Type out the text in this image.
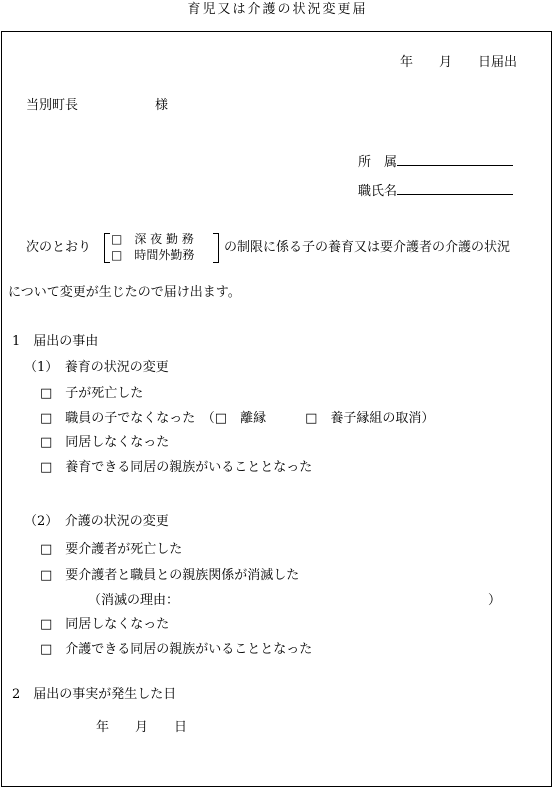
育児又は介護の状況変更届
年　　月　　日届出
当別町長	様
所　属
職氏名
次のとおり
□　深 夜 勤 務
□　時間外勤務 の制限に係る子の養育又は要介護者の介護の状況
について変更が生じたので届け出ます。
1　届出の事由
（1）　養育の状況の変更
□　子が死亡した
□　職員の子でなくなった　（□　離縁　　　□　養子縁組の取消）
□　同居しなくなった
□　養育できる同居の親族がいることとなった
（2）　介護の状況の変更
□　要介護者が死亡した
□　要介護者と職員との親族関係が消滅した
（消滅の理由：	）
□　同居しなくなった
□　介護できる同居の親族がいることとなった
2　届出の事実が発生した日
年　　月　　日
